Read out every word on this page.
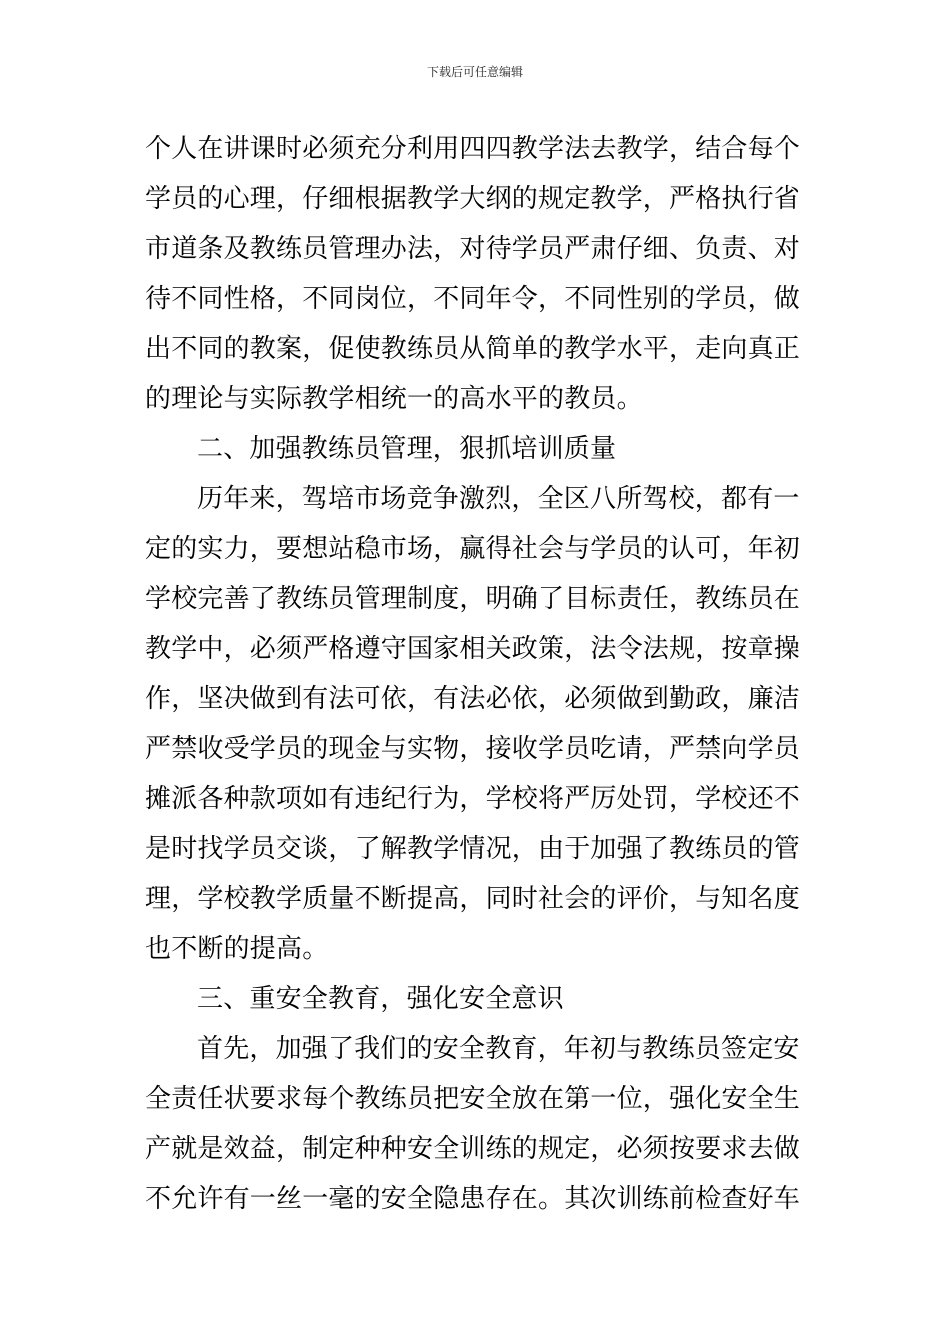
下载后可任意编辑
个人在讲课时必须充分利用四四教学法去教学，结合每个
学员的心理，仔细根据教学大纲的规定教学，严格执行省
市道条及教练员管理办法，对待学员严肃仔细、负责、对
待不同性格，不同岗位，不同年令，不同性别的学员，做
出不同的教案，促使教练员从简单的教学水平，走向真正
的理论与实际教学相统一的高水平的教员。
二、加强教练员管理，狠抓培训质量
历年来，驾培市场竞争激烈，全区八所驾校，都有一
定的实力，要想站稳市场，赢得社会与学员的认可，年初
学校完善了教练员管理制度，明确了目标责任，教练员在
教学中，必须严格遵守国家相关政策，法令法规，按章操
作，坚决做到有法可依，有法必依，必须做到勤政，廉洁
严禁收受学员的现金与实物，接收学员吃请，严禁向学员
摊派各种款项如有违纪行为，学校将严厉处罚，学校还不
是时找学员交谈，了解教学情况，由于加强了教练员的管
理，学校教学质量不断提高，同时社会的评价，与知名度
也不断的提高。
三、重安全教育，强化安全意识
首先，加强了我们的安全教育，年初与教练员签定安
全责任状要求每个教练员把安全放在第一位，强化安全生
产就是效益，制定种种安全训练的规定，必须按要求去做
不允许有一丝一毫的安全隐患存在。其次训练前检查好车
